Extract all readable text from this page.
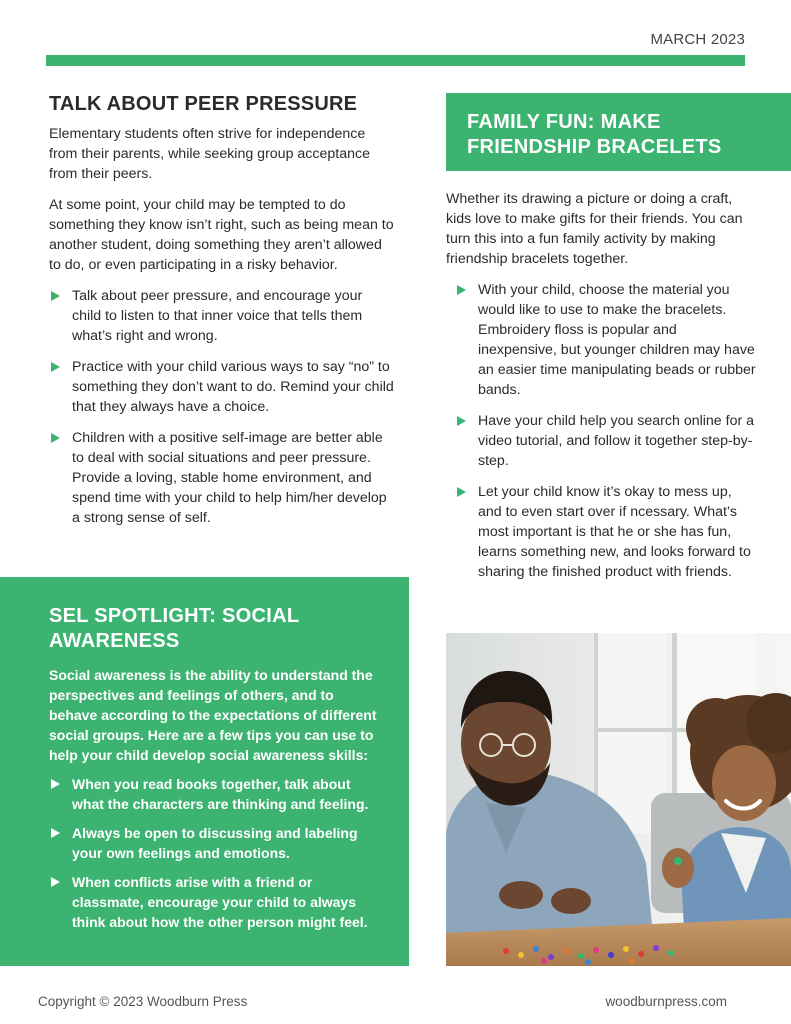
MARCH 2023
TALK ABOUT PEER PRESSURE

Elementary students often strive for independence from their parents, while seeking group acceptance from their peers.

At some point, your child may be tempted to do something they know isn’t right, such as being mean to another student, doing something they aren’t allowed to do, or even participating in a risky behavior.

Talk about peer pressure, and encourage your child to listen to that inner voice that tells them what’s right and wrong.
Practice with your child various ways to say “no” to something they don’t want to do. Remind your child that they always have a choice.
Children with a positive self-image are better able to deal with social situations and peer pressure. Provide a loving, stable home environment, and spend time with your child to help him/her develop a strong sense of self.
SEL SPOTLIGHT: SOCIAL AWARENESS

Social awareness is the ability to understand the perspectives and feelings of others, and to behave according to the expectations of different social groups. Here are a few tips you can use to help your child develop social awareness skills:

When you read books together, talk about what the characters are thinking and feeling.
Always be open to discussing and labeling your own feelings and emotions.
When conflicts arise with a friend or classmate, encourage your child to always think about how the other person might feel.
FAMILY FUN: MAKE FRIENDSHIP BRACELETS

Whether its drawing a picture or doing a craft, kids love to make gifts for their friends. You can turn this into a fun family activity by making friendship bracelets together.

With your child, choose the material you would like to use to make the bracelets. Embroidery floss is popular and inexpensive, but younger children may have an easier time manipulating beads or rubber bands.
Have your child help you search online for a video tutorial, and follow it together step-by-step.
Let your child know it’s okay to mess up, and to even start over if ncessary. What’s most important is that he or she has fun, learns something new, and looks forward to sharing the finished product with friends.
Copyright © 2023 Woodburn Press	woodburnpress.com
